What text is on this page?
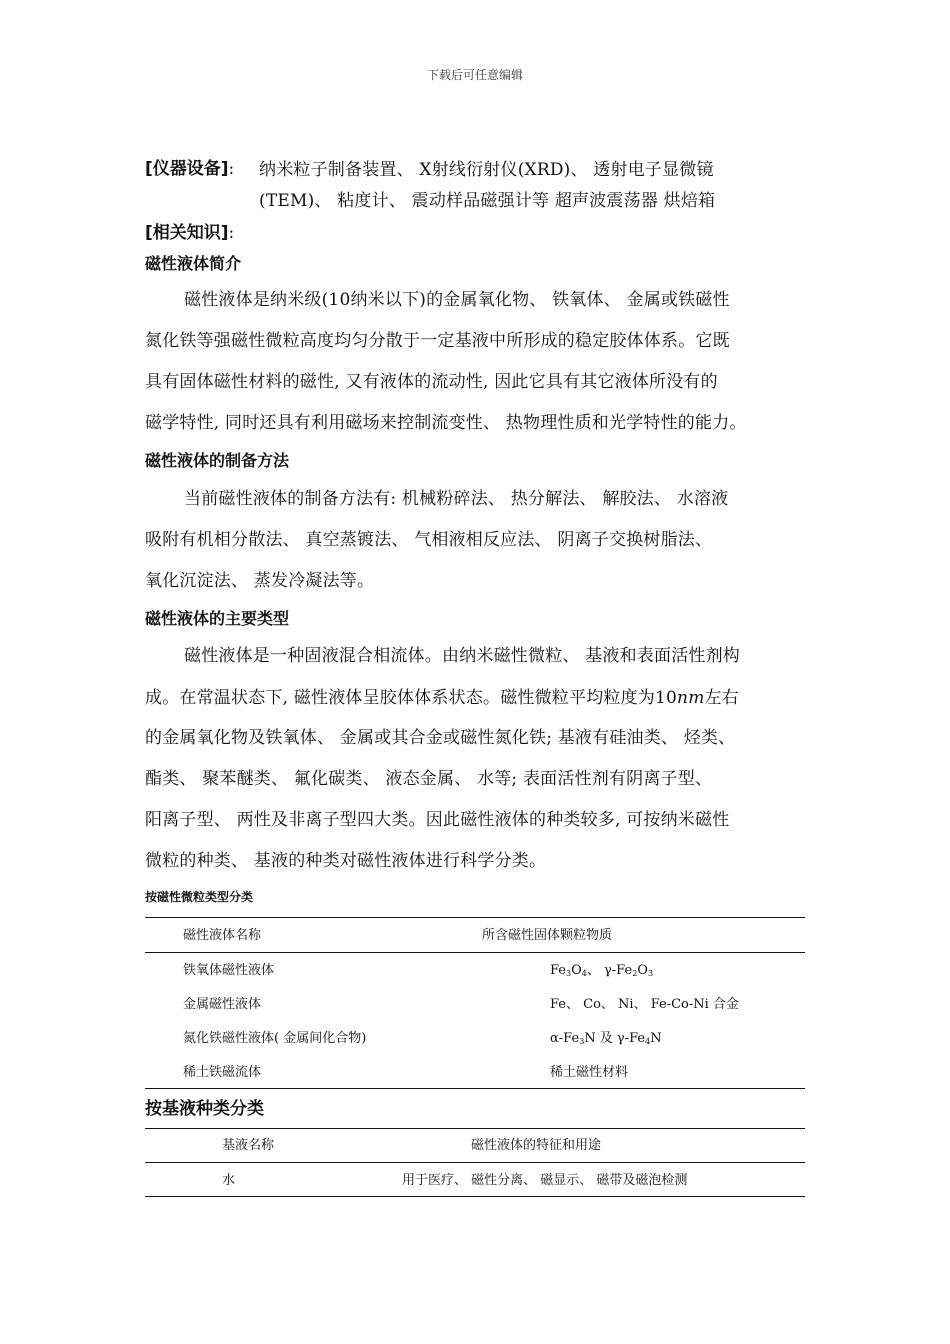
下载后可任意编辑
[仪器设备]: 纳米粒子制备装置、 X射线衍射仪(XRD)、 透射电子显微镜
(TEM)、 粘度计、 震动样品磁强计等 超声波震荡器 烘焙箱
[相关知识]:
磁性液体简介
磁性液体是纳米级(10纳米以下)的金属氧化物、 铁氧体、 金属或铁磁性
氮化铁等强磁性微粒高度均匀分散于一定基液中所形成的稳定胶体体系。它既
具有固体磁性材料的磁性, 又有液体的流动性, 因此它具有其它液体所没有的
磁学特性, 同时还具有利用磁场来控制流变性、 热物理性质和光学特性的能力。
磁性液体的制备方法
当前磁性液体的制备方法有: 机械粉碎法、 热分解法、 解胶法、 水溶液
吸附有机相分散法、 真空蒸镀法、 气相液相反应法、 阴离子交换树脂法、
氧化沉淀法、 蒸发冷凝法等。
磁性液体的主要类型
磁性液体是一种固液混合相流体。由纳米磁性微粒、 基液和表面活性剂构
成。在常温状态下, 磁性液体呈胶体体系状态。磁性微粒平均粒度为10nm左右
的金属氧化物及铁氧体、 金属或其合金或磁性氮化铁; 基液有硅油类、 烃类、
酯类、 聚苯醚类、 氟化碳类、 液态金属、 水等; 表面活性剂有阴离子型、
阳离子型、 两性及非离子型四大类。因此磁性液体的种类较多, 可按纳米磁性
微粒的种类、 基液的种类对磁性液体进行科学分类。
按磁性微粒类型分类
磁性液体名称	所含磁性固体颗粒物质
铁氧体磁性液体	$Fe_3O_4$、 $\gamma-Fe_2O_3$
金属磁性液体	Fe、 Co、 Ni、 Fe-Co-Ni 合金
氮化铁磁性液体( 金属间化合物)	$\alpha-Fe_3N$ 及 $\gamma-Fe_4N$
稀土铁磁流体	稀土磁性材料
按基液种类分类
基液名称	磁性液体的特征和用途
水	用于医疗、 磁性分离、 磁显示、 磁带及磁泡检测
